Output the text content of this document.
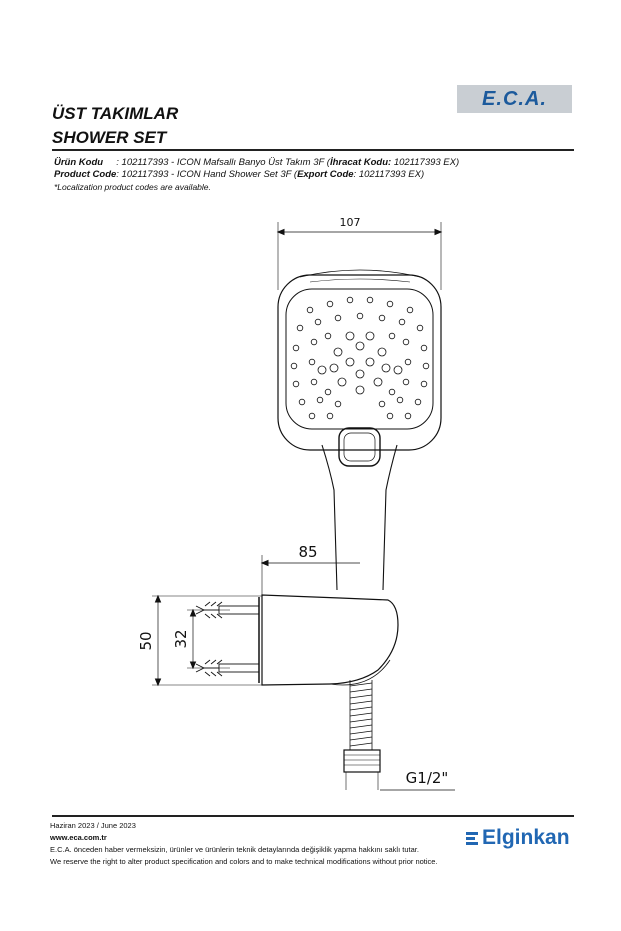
E.C.A.
ÜST TAKIMLAR
SHOWER SET
Ürün Kodu : 102117393 - ICON Mafsallı Banyo Üst Takım 3F (İhracat Kodu: 102117393 EX)
Product Code: 102117393 - ICON Hand Shower Set 3F (Export Code: 102117393 EX)
*Localization product codes are available.
107
85
50 32
G1/2"
Haziran 2023 / June 2023
www.eca.com.tr
E.C.A. önceden haber vermeksizin, ürünler ve ürünlerin teknik detaylarında değişiklik yapma hakkını saklı tutar.
We reserve the right to alter product specification and colors and to make technical modifications without prior notice.
Elginkan
